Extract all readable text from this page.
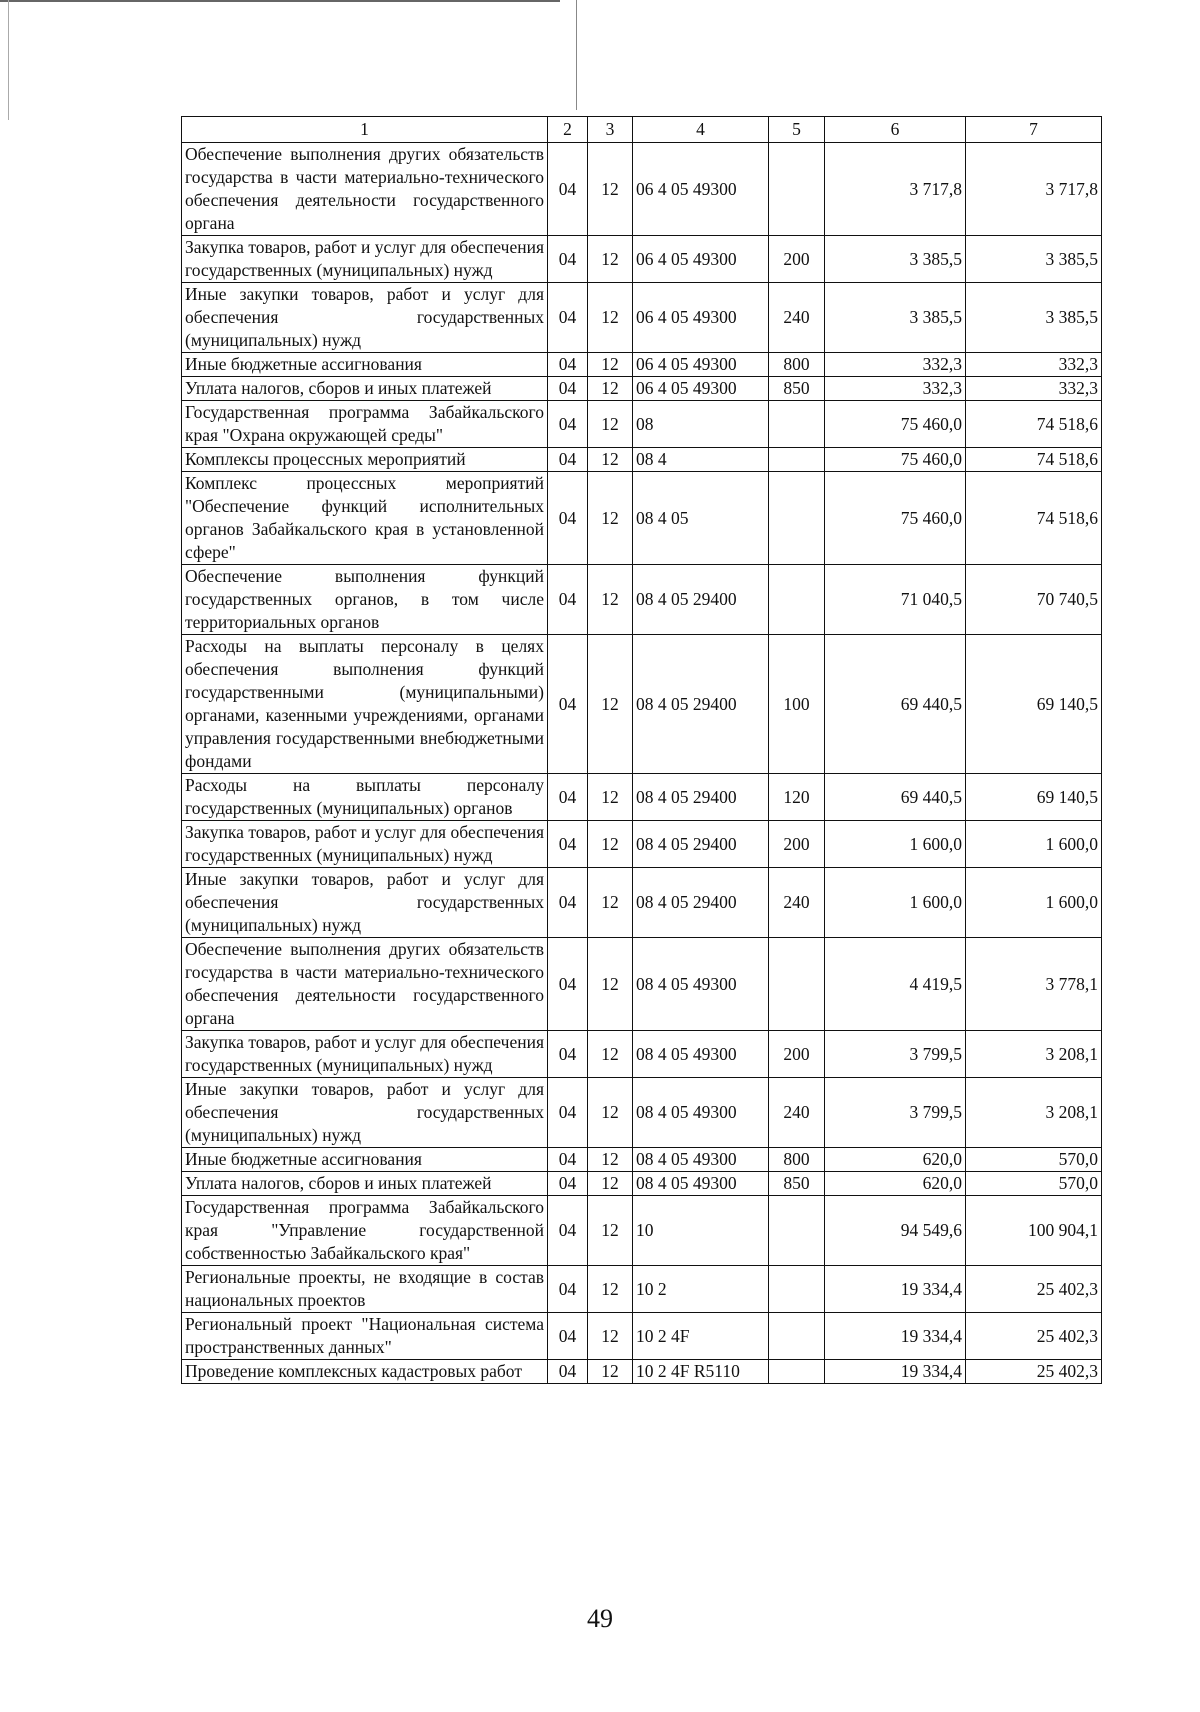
1	2	3	4	5	6	7
Обеспечение выполнения других обязательств государства в части материально-технического обеспечения деятельности государственного органа	04	12	06 4 05 49300		3 717,8	3 717,8
Закупка товаров, работ и услуг для обеспечения государственных (муниципальных) нужд	04	12	06 4 05 49300	200	3 385,5	3 385,5
Иные закупки товаров, работ и услуг для обеспечения государственных (муниципальных) нужд	04	12	06 4 05 49300	240	3 385,5	3 385,5
Иные бюджетные ассигнования	04	12	06 4 05 49300	800	332,3	332,3
Уплата налогов, сборов и иных платежей	04	12	06 4 05 49300	850	332,3	332,3
Государственная программа Забайкальского края "Охрана окружающей среды"	04	12	08		75 460,0	74 518,6
Комплексы процессных мероприятий	04	12	08 4		75 460,0	74 518,6
Комплекс процессных мероприятий "Обеспечение функций исполнительных органов Забайкальского края в установленной сфере"	04	12	08 4 05		75 460,0	74 518,6
Обеспечение выполнения функций государственных органов, в том числе территориальных органов	04	12	08 4 05 29400		71 040,5	70 740,5
Расходы на выплаты персоналу в целях обеспечения выполнения функций государственными (муниципальными) органами, казенными учреждениями, органами управления государственными внебюджетными фондами	04	12	08 4 05 29400	100	69 440,5	69 140,5
Расходы на выплаты персоналу государственных (муниципальных) органов	04	12	08 4 05 29400	120	69 440,5	69 140,5
Закупка товаров, работ и услуг для обеспечения государственных (муниципальных) нужд	04	12	08 4 05 29400	200	1 600,0	1 600,0
Иные закупки товаров, работ и услуг для обеспечения государственных (муниципальных) нужд	04	12	08 4 05 29400	240	1 600,0	1 600,0
Обеспечение выполнения других обязательств государства в части материально-технического обеспечения деятельности государственного органа	04	12	08 4 05 49300		4 419,5	3 778,1
Закупка товаров, работ и услуг для обеспечения государственных (муниципальных) нужд	04	12	08 4 05 49300	200	3 799,5	3 208,1
Иные закупки товаров, работ и услуг для обеспечения государственных (муниципальных) нужд	04	12	08 4 05 49300	240	3 799,5	3 208,1
Иные бюджетные ассигнования	04	12	08 4 05 49300	800	620,0	570,0
Уплата налогов, сборов и иных платежей	04	12	08 4 05 49300	850	620,0	570,0
Государственная программа Забайкальского края "Управление государственной собственностью Забайкальского края"	04	12	10		94 549,6	100 904,1
Региональные проекты, не входящие в состав национальных проектов	04	12	10 2		19 334,4	25 402,3
Региональный проект "Национальная система пространственных данных"	04	12	10 2 4F		19 334,4	25 402,3
Проведение комплексных кадастровых работ	04	12	10 2 4F R5110		19 334,4	25 402,3
49
